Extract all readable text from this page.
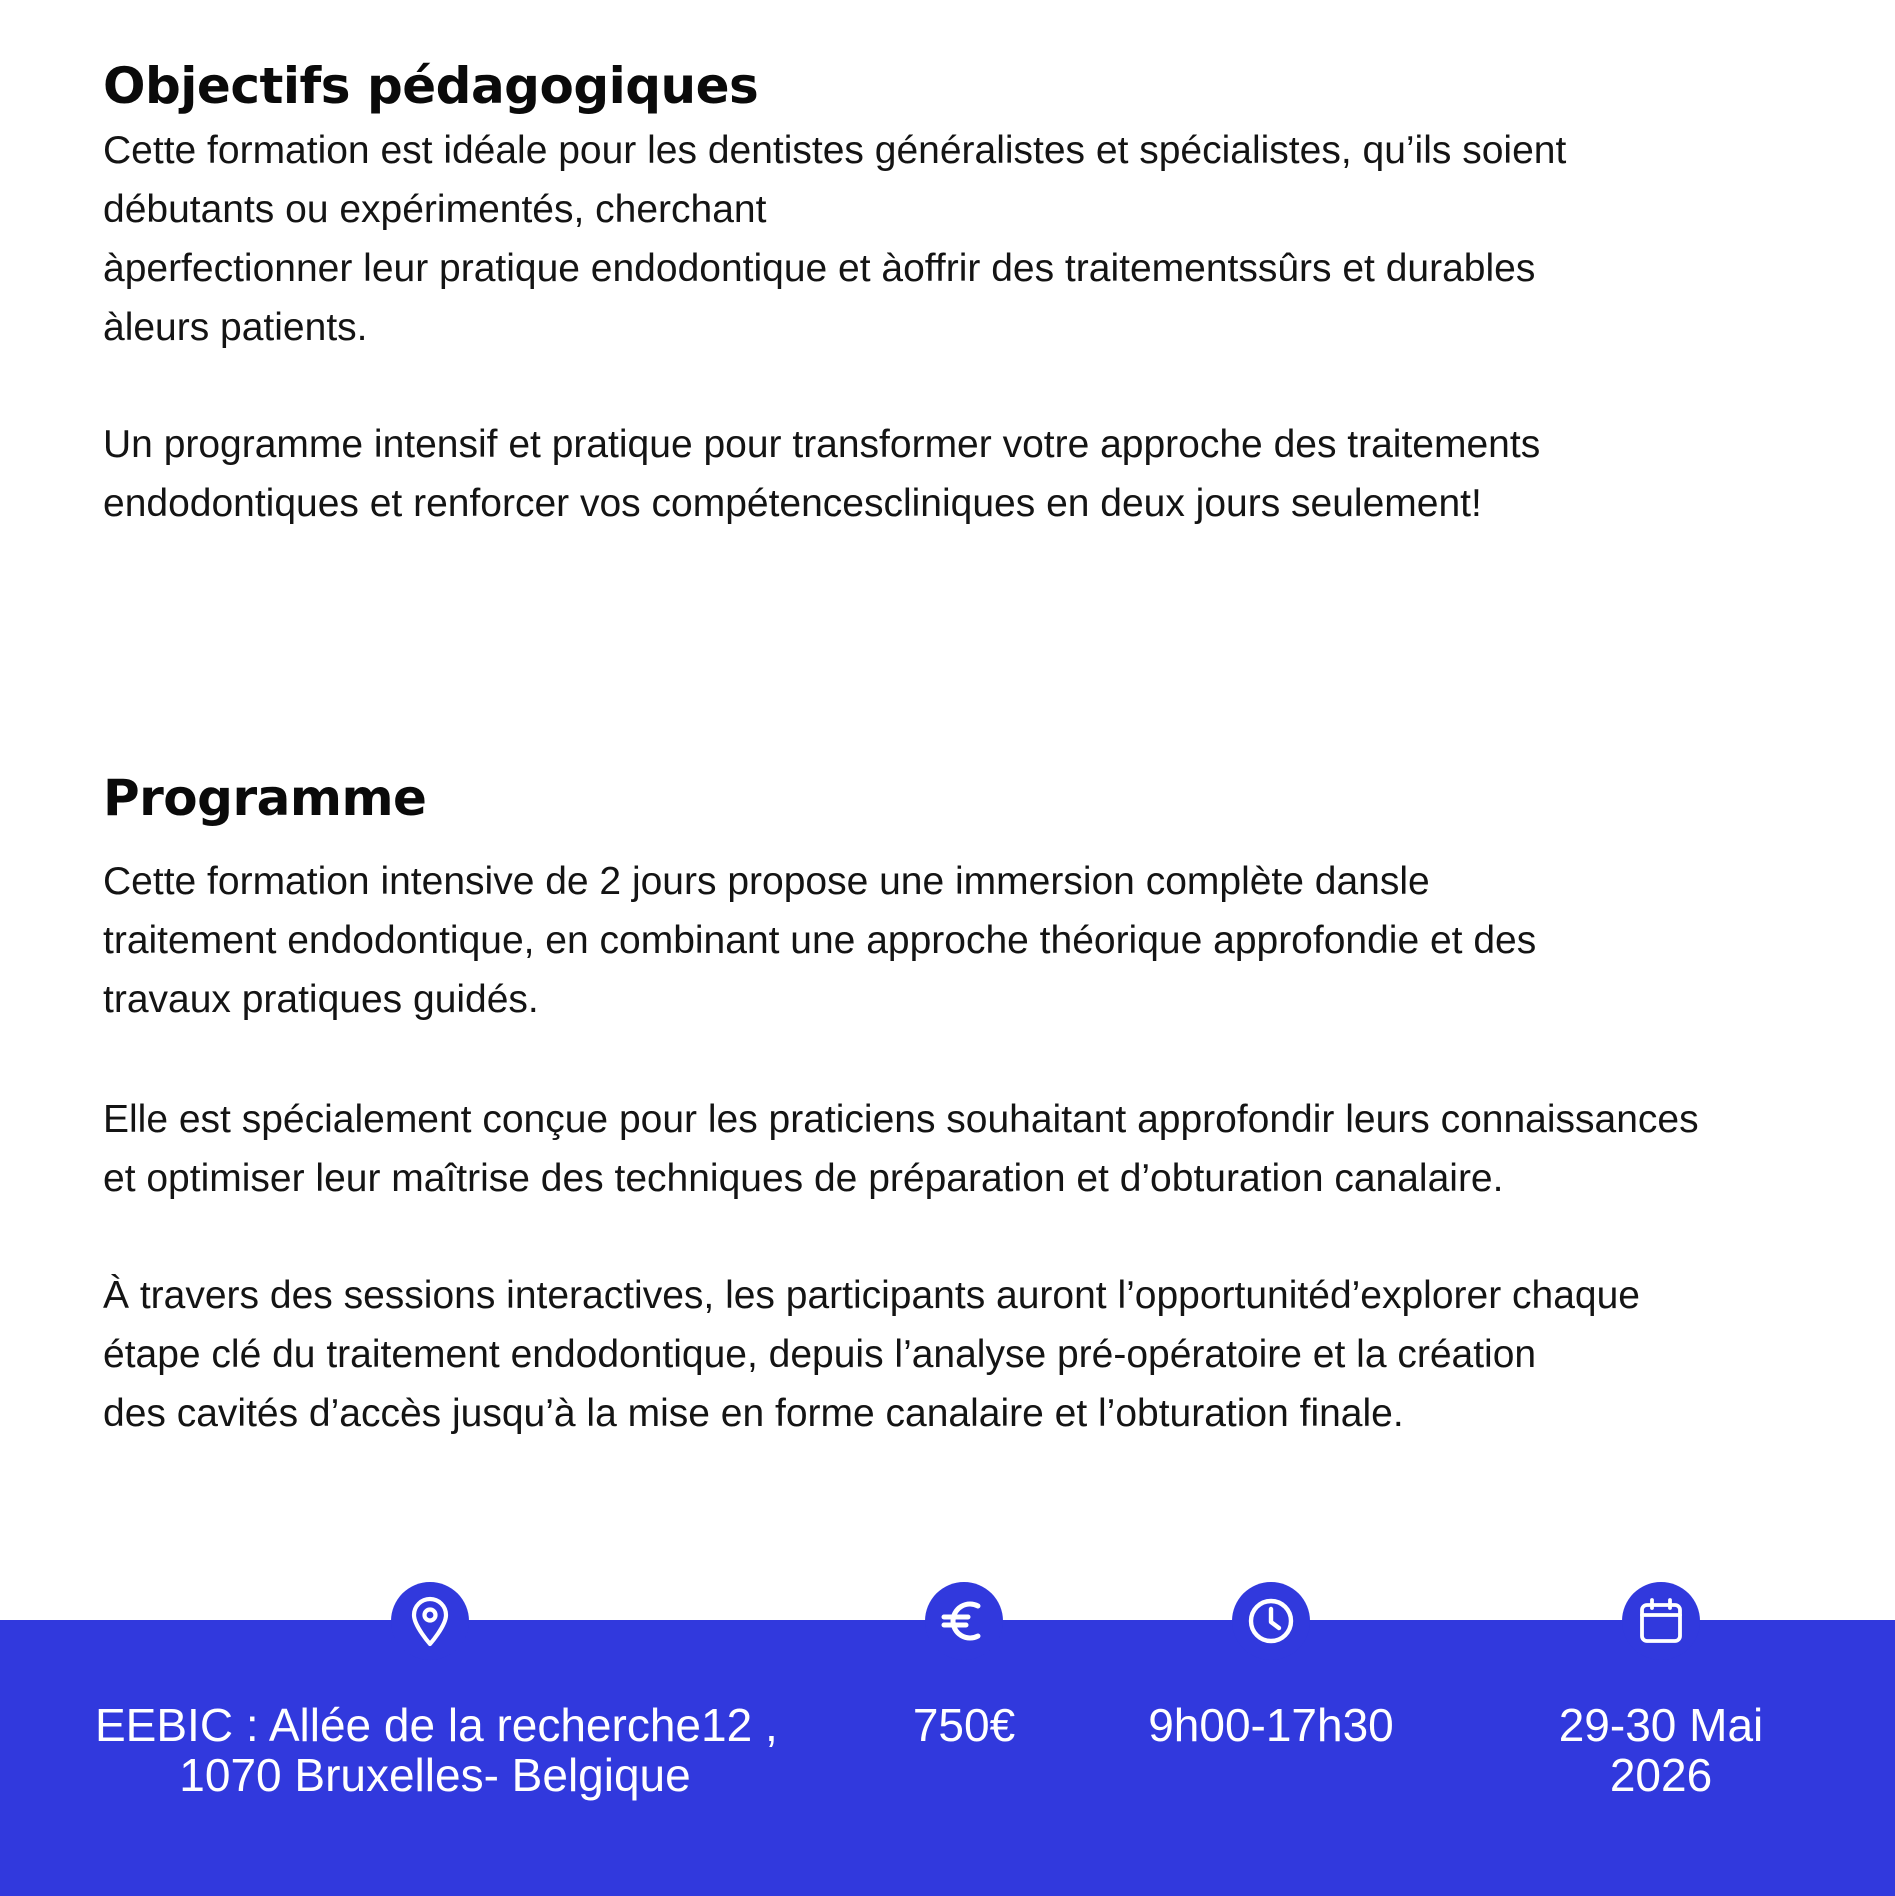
Objectifs pédagogiques

Cette formation est idéale pour les dentistes généralistes et spécialistes, qu’ils soient
débutants ou expérimentés, cherchant
àperfectionner leur pratique endodontique et àoffrir des traitementssûrs et durables
àleurs patients.

Un programme intensif et pratique pour transformer votre approche des traitements
endodontiques et renforcer vos compétencescliniques en deux jours seulement!

Programme

Cette formation intensive de 2 jours propose une immersion complète dansle
traitement endodontique, en combinant une approche théorique approfondie et des
travaux pratiques guidés.

Elle est spécialement conçue pour les praticiens souhaitant approfondir leurs connaissances
et optimiser leur maîtrise des techniques de préparation et d’obturation canalaire.

À travers des sessions interactives, les participants auront l’opportunitéd’explorer chaque
étape clé du traitement endodontique, depuis l’analyse pré-opératoire et la création
des cavités d’accès jusqu’à la mise en forme canalaire et l’obturation finale.

EEBIC : Allée de la recherche12 ,
1070 Bruxelles- Belgique
750€	9h00-17h30	29-30 Mai
2026
